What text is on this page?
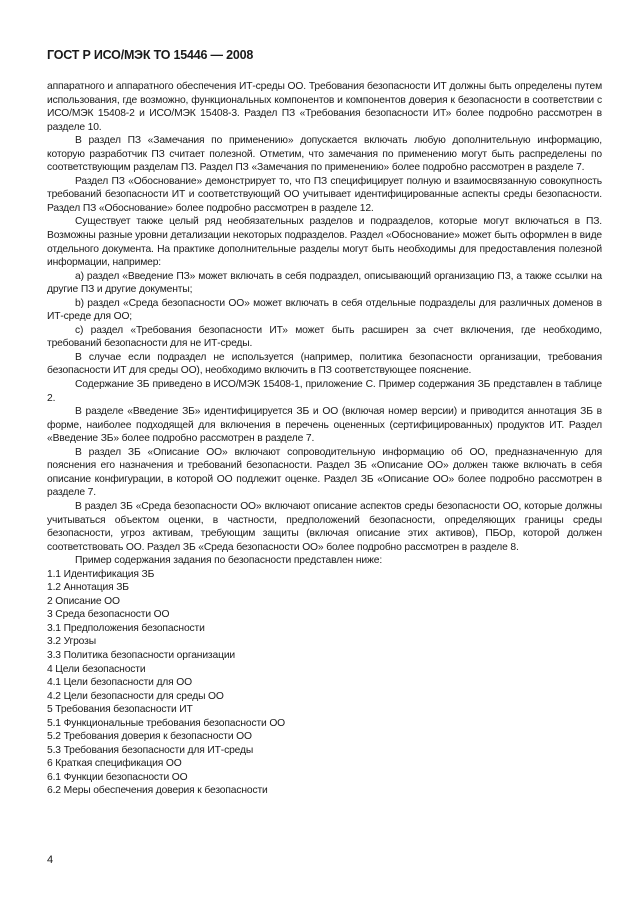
ГОСТ Р ИСО/МЭК ТО 15446 — 2008

аппаратного и аппаратного обеспечения ИТ-среды ОО. Требования безопасности ИТ должны быть определены путем использования, где возможно, функциональных компонентов и компонентов доверия к безопасности в соответствии с ИСО/МЭК 15408-2 и ИСО/МЭК 15408-3. Раздел ПЗ «Требования безопасности ИТ» более подробно рассмотрен в разделе 10.

В раздел ПЗ «Замечания по применению» допускается включать любую дополнительную информацию, которую разработчик ПЗ считает полезной. Отметим, что замечания по применению могут быть распределены по соответствующим разделам ПЗ. Раздел ПЗ «Замечания по применению» более подробно рассмотрен в разделе 7.

Раздел ПЗ «Обоснование» демонстрирует то, что ПЗ специфицирует полную и взаимосвязанную совокупность требований безопасности ИТ и соответствующий ОО учитывает идентифицированные аспекты среды безопасности. Раздел ПЗ «Обоснование» более подробно рассмотрен в разделе 12.

Существует также целый ряд необязательных разделов и подразделов, которые могут включаться в ПЗ. Возможны разные уровни детализации некоторых подразделов. Раздел «Обоснование» может быть оформлен в виде отдельного документа. На практике дополнительные разделы могут быть необходимы для предоставления полезной информации, например:

a) раздел «Введение ПЗ» может включать в себя подраздел, описывающий организацию ПЗ, а также ссылки на другие ПЗ и другие документы;

b) раздел «Среда безопасности ОО» может включать в себя отдельные подразделы для различных доменов в ИТ-среде для ОО;

c) раздел «Требования безопасности ИТ» может быть расширен за счет включения, где необходимо, требований безопасности для не ИТ-среды.

В случае если подраздел не используется (например, политика безопасности организации, требования безопасности ИТ для среды ОО), необходимо включить в ПЗ соответствующее пояснение.

Содержание ЗБ приведено в ИСО/МЭК 15408-1, приложение С. Пример содержания ЗБ представлен в таблице 2.

В разделе «Введение ЗБ» идентифицируется ЗБ и ОО (включая номер версии) и приводится аннотация ЗБ в форме, наиболее подходящей для включения в перечень оцененных (сертифицированных) продуктов ИТ. Раздел «Введение ЗБ» более подробно рассмотрен в разделе 7.

В раздел ЗБ «Описание ОО» включают сопроводительную информацию об ОО, предназначенную для пояснения его назначения и требований безопасности. Раздел ЗБ «Описание ОО» должен также включать в себя описание конфигурации, в которой ОО подлежит оценке. Раздел ЗБ «Описание ОО» более подробно рассмотрен в разделе 7.

В раздел ЗБ «Среда безопасности ОО» включают описание аспектов среды безопасности ОО, которые должны учитываться объектом оценки, в частности, предположений безопасности, определяющих границы среды безопасности, угроз активам, требующим защиты (включая описание этих активов), ПБОр, которой должен соответствовать ОО. Раздел ЗБ «Среда безопасности ОО» более подробно рассмотрен в разделе 8.

Пример содержания задания по безопасности представлен ниже:

1.1 Идентификация ЗБ
1.2 Аннотация ЗБ
2 Описание ОО
3 Среда безопасности ОО
3.1 Предположения безопасности
3.2 Угрозы
3.3 Политика безопасности организации
4 Цели безопасности
4.1 Цели безопасности для ОО
4.2 Цели безопасности для среды ОО
5 Требования безопасности ИТ
5.1 Функциональные требования безопасности ОО
5.2 Требования доверия к безопасности ОО
5.3 Требования безопасности для ИТ-среды
6 Краткая спецификация ОО
6.1 Функции безопасности ОО
6.2 Меры обеспечения доверия к безопасности
4
